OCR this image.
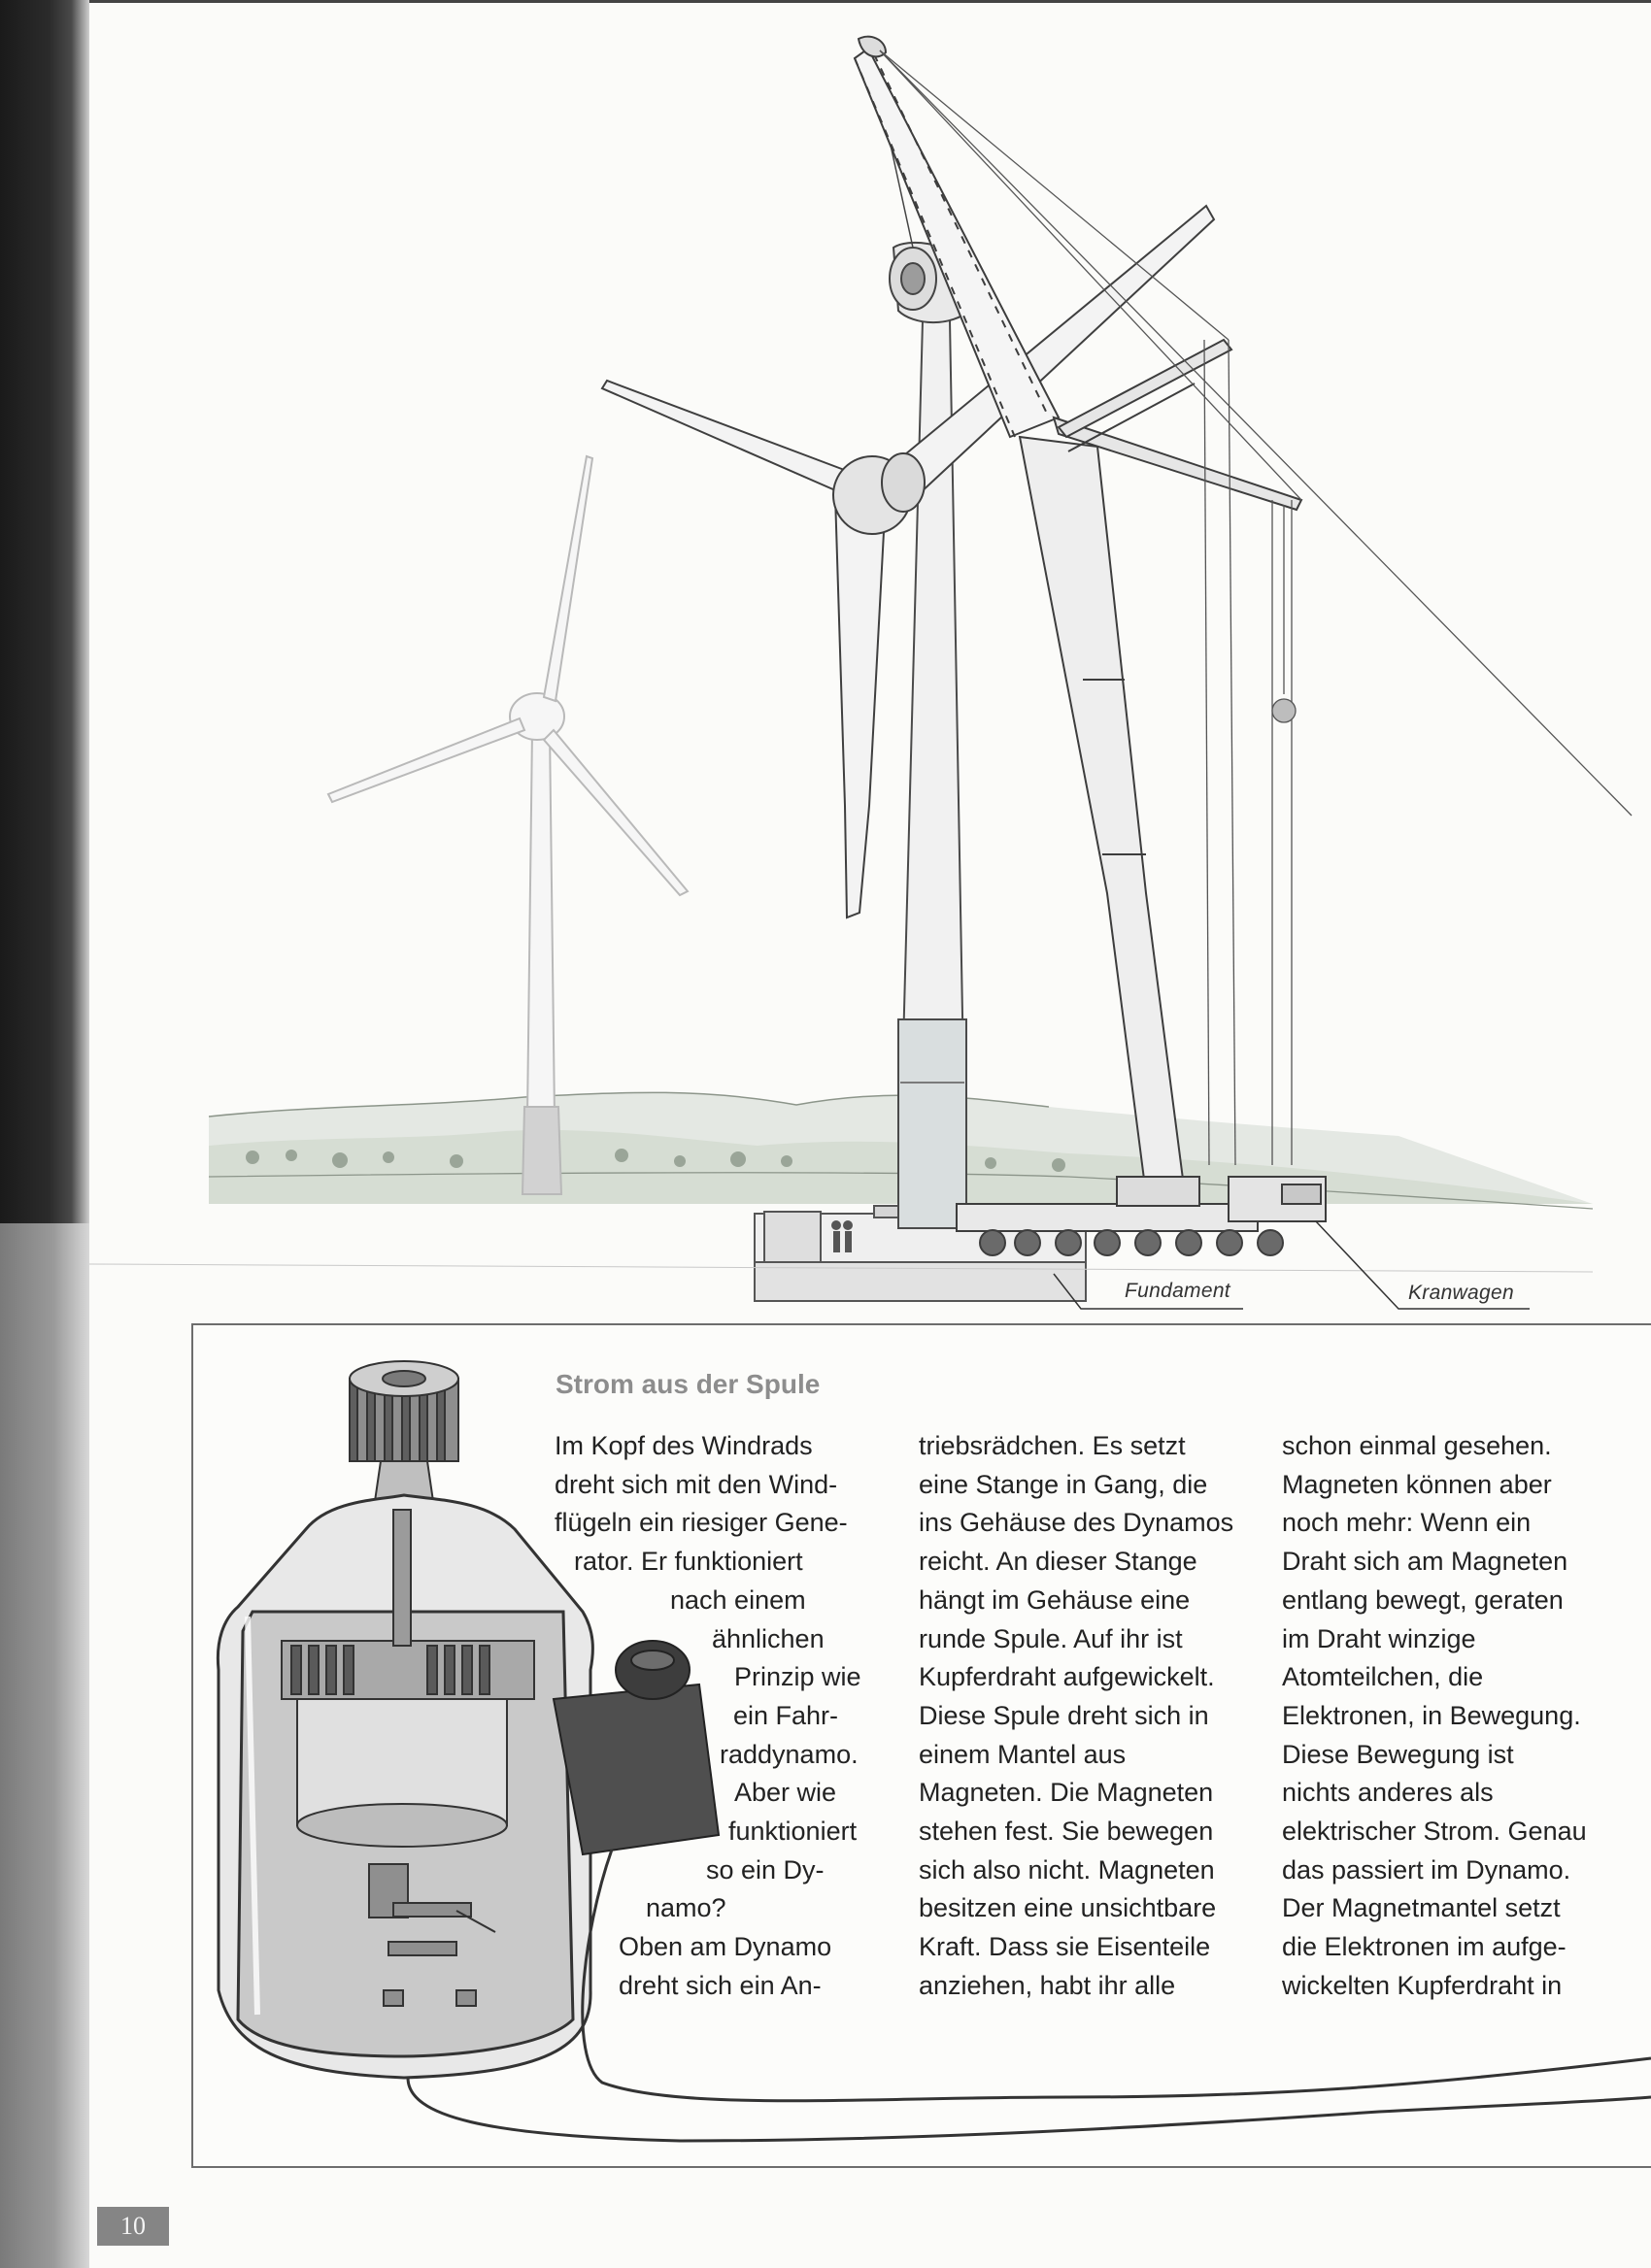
Fundament	Kranwagen
Strom aus der Spule
Im Kopf des Windrads
dreht sich mit den Wind-
flügeln ein riesiger Gene-
rator. Er funktioniert
nach einem
ähnlichen
Prinzip wie
ein Fahr-
raddynamo.
Aber wie
funktioniert
so ein Dy-
namo?
Oben am Dynamo
dreht sich ein An-
triebsrädchen. Es setzt
eine Stange in Gang, die
ins Gehäuse des Dynamos
reicht. An dieser Stange
hängt im Gehäuse eine
runde Spule. Auf ihr ist
Kupferdraht aufgewickelt.
Diese Spule dreht sich in
einem Mantel aus
Magneten. Die Magneten
stehen fest. Sie bewegen
sich also nicht. Magneten
besitzen eine unsichtbare
Kraft. Dass sie Eisenteile
anziehen, habt ihr alle
schon einmal gesehen.
Magneten können aber
noch mehr: Wenn ein
Draht sich am Magneten
entlang bewegt, geraten
im Draht winzige
Atomteilchen, die
Elektronen, in Bewegung.
Diese Bewegung ist
nichts anderes als
elektrischer Strom. Genau
das passiert im Dynamo.
Der Magnetmantel setzt
die Elektronen im aufge-
wickelten Kupferdraht in
10
